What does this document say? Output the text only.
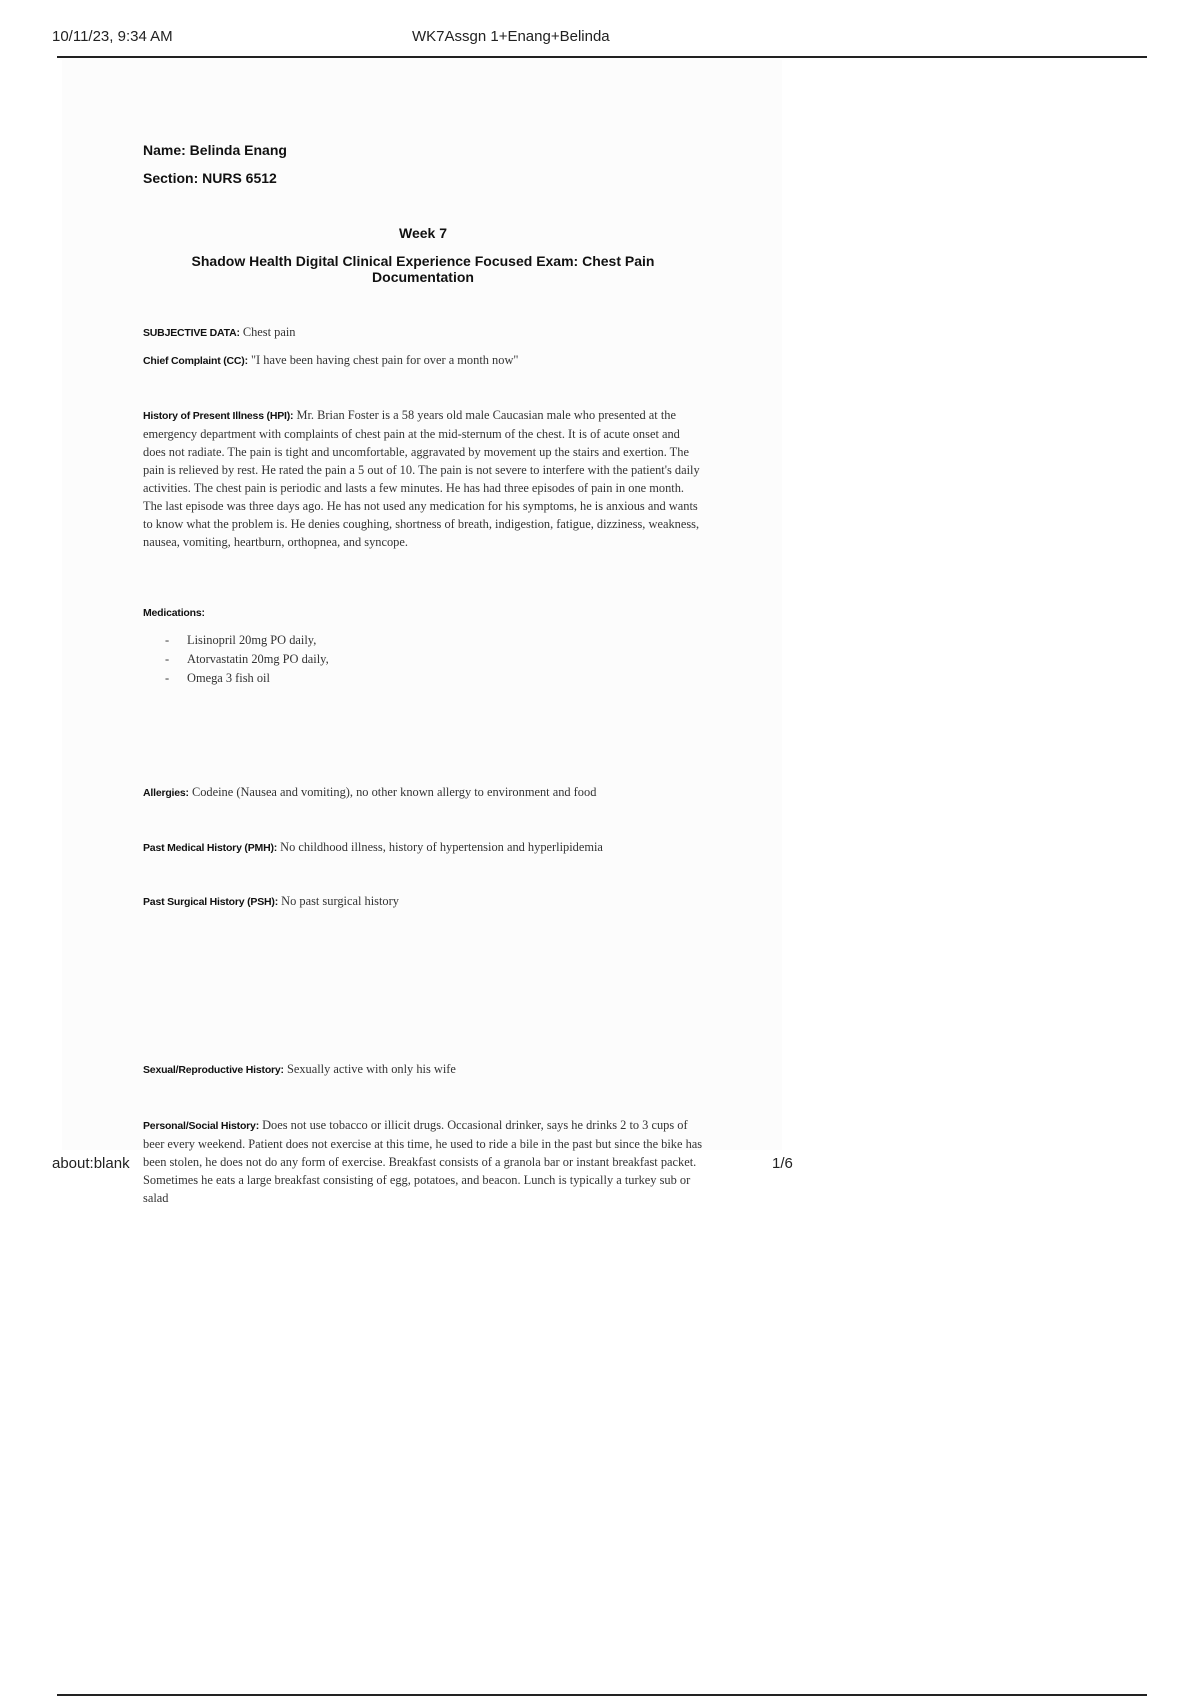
10/11/23, 9:34 AM	WK7Assgn 1+Enang+Belinda
Name: Belinda Enang
Section: NURS 6512
Week 7
Shadow Health Digital Clinical Experience Focused Exam: Chest Pain Documentation
SUBJECTIVE DATA: Chest pain
Chief Complaint (CC): "I have been having chest pain for over a month now"
History of Present Illness (HPI): Mr. Brian Foster is a 58 years old male Caucasian male who presented at the emergency department with complaints of chest pain at the mid-sternum of the chest. It is of acute onset and does not radiate. The pain is tight and uncomfortable, aggravated by movement up the stairs and exertion. The pain is relieved by rest. He rated the pain a 5 out of 10. The pain is not severe to interfere with the patient's daily activities. The chest pain is periodic and lasts a few minutes. He has had three episodes of pain in one month. The last episode was three days ago. He has not used any medication for his symptoms, he is anxious and wants to know what the problem is. He denies coughing, shortness of breath, indigestion, fatigue, dizziness, weakness, nausea, vomiting, heartburn, orthopnea, and syncope.
Medications:
- Lisinopril 20mg PO daily,
- Atorvastatin 20mg PO daily,
- Omega 3 fish oil
Allergies: Codeine (Nausea and vomiting), no other known allergy to environment and food
Past Medical History (PMH): No childhood illness, history of hypertension and hyperlipidemia
Past Surgical History (PSH): No past surgical history
Sexual/Reproductive History: Sexually active with only his wife
Personal/Social History: Does not use tobacco or illicit drugs. Occasional drinker, says he drinks 2 to 3 cups of beer every weekend. Patient does not exercise at this time, he used to ride a bile in the past but since the bike has been stolen, he does not do any form of exercise. Breakfast consists of a granola bar or instant breakfast packet. Sometimes he eats a large breakfast consisting of egg, potatoes, and beacon. Lunch is typically a turkey sub or salad
about:blank	1/6
